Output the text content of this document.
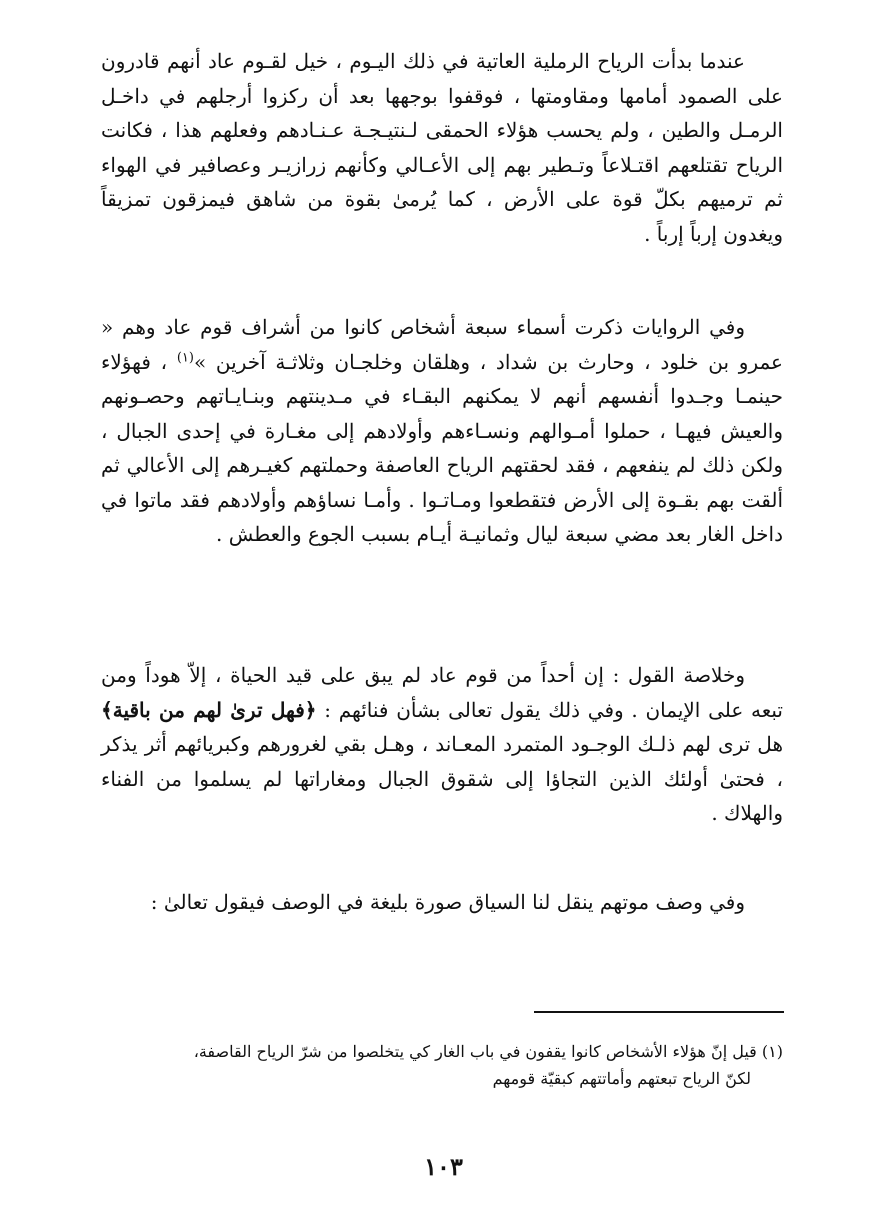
عندما بدأت الرياح الرملية العاتية في ذلك اليـوم ، خيل لقـوم عاد أنهم قادرون على الصمود أمامها ومقاومتها ، فوقفوا بوجهها بعد أن ركزوا أرجلهم في داخـل الرمـل والطين ، ولم يحسب هؤلاء الحمقى لـنتيـجـة عـنـادهم وفعلهم هذا ، فكانت الرياح تقتلعهم اقتـلاعاً وتـطير بهم إلى الأعـالي وكأنهم زرازيـر وعصافير في الهواء ثم ترميهم بكلّ قوة على الأرض ، كما يُرمىٰ بقوة من شاهق فيمزقون تمزيقاً ويغدون إرباً إرباً .

وفي الروايات ذكرت أسماء سبعة أشخاص كانوا من أشراف قوم عاد وهم « عمرو بن خلود ، وحارث بن شداد ، وهلقان وخلجـان وثلاثـة آخرين »$^{(١)}$ ، فهؤلاء حينمـا وجـدوا أنفسهم أنهم لا يمكنهم البقـاء في مـدينتهم وبنـايـاتهم وحصـونهم والعيش فيهـا ، حملوا أمـوالهم ونسـاءهم وأولادهم إلى مغـارة في إحدى الجبال ، ولكن ذلك لم ينفعهم ، فقد لحقتهم الرياح العاصفة وحملتهم كغيـرهم إلى الأعالي ثم ألقت بهم بقـوة إلى الأرض فتقطعوا ومـاتـوا . وأمـا نساؤهم وأولادهم فقد ماتوا في داخل الغار بعد مضي سبعة ليال وثمانيـة أيـام بسبب الجوع والعطش .

وخلاصة القول : إن أحداً من قوم عاد لم يبق على قيد الحياة ، إلاّ هوداً ومن تبعه على الإيمان . وفي ذلك يقول تعالى بشأن فنائهم : ﴿فهل ترىٰ لهم من باقية﴾ هل ترى لهم ذلـك الوجـود المتمرد المعـاند ، وهـل بقي لغرورهم وكبريائهم أثر يذكر ، فحتىٰ أولئك الذين التجاؤا إلى شقوق الجبال ومغاراتها لم يسلموا من الفناء والهلاك .

وفي وصف موتهم ينقل لنا السياق صورة بليغة في الوصف فيقول تعالىٰ :

(١) قيل إنّ هؤلاء الأشخاص كانوا يقفون في باب الغار كي يتخلصوا من شرّ الرياح القاصفة،
لكنّ الرياح تبعتهم وأماتتهم كبقيّة قومهم

١٠٣
